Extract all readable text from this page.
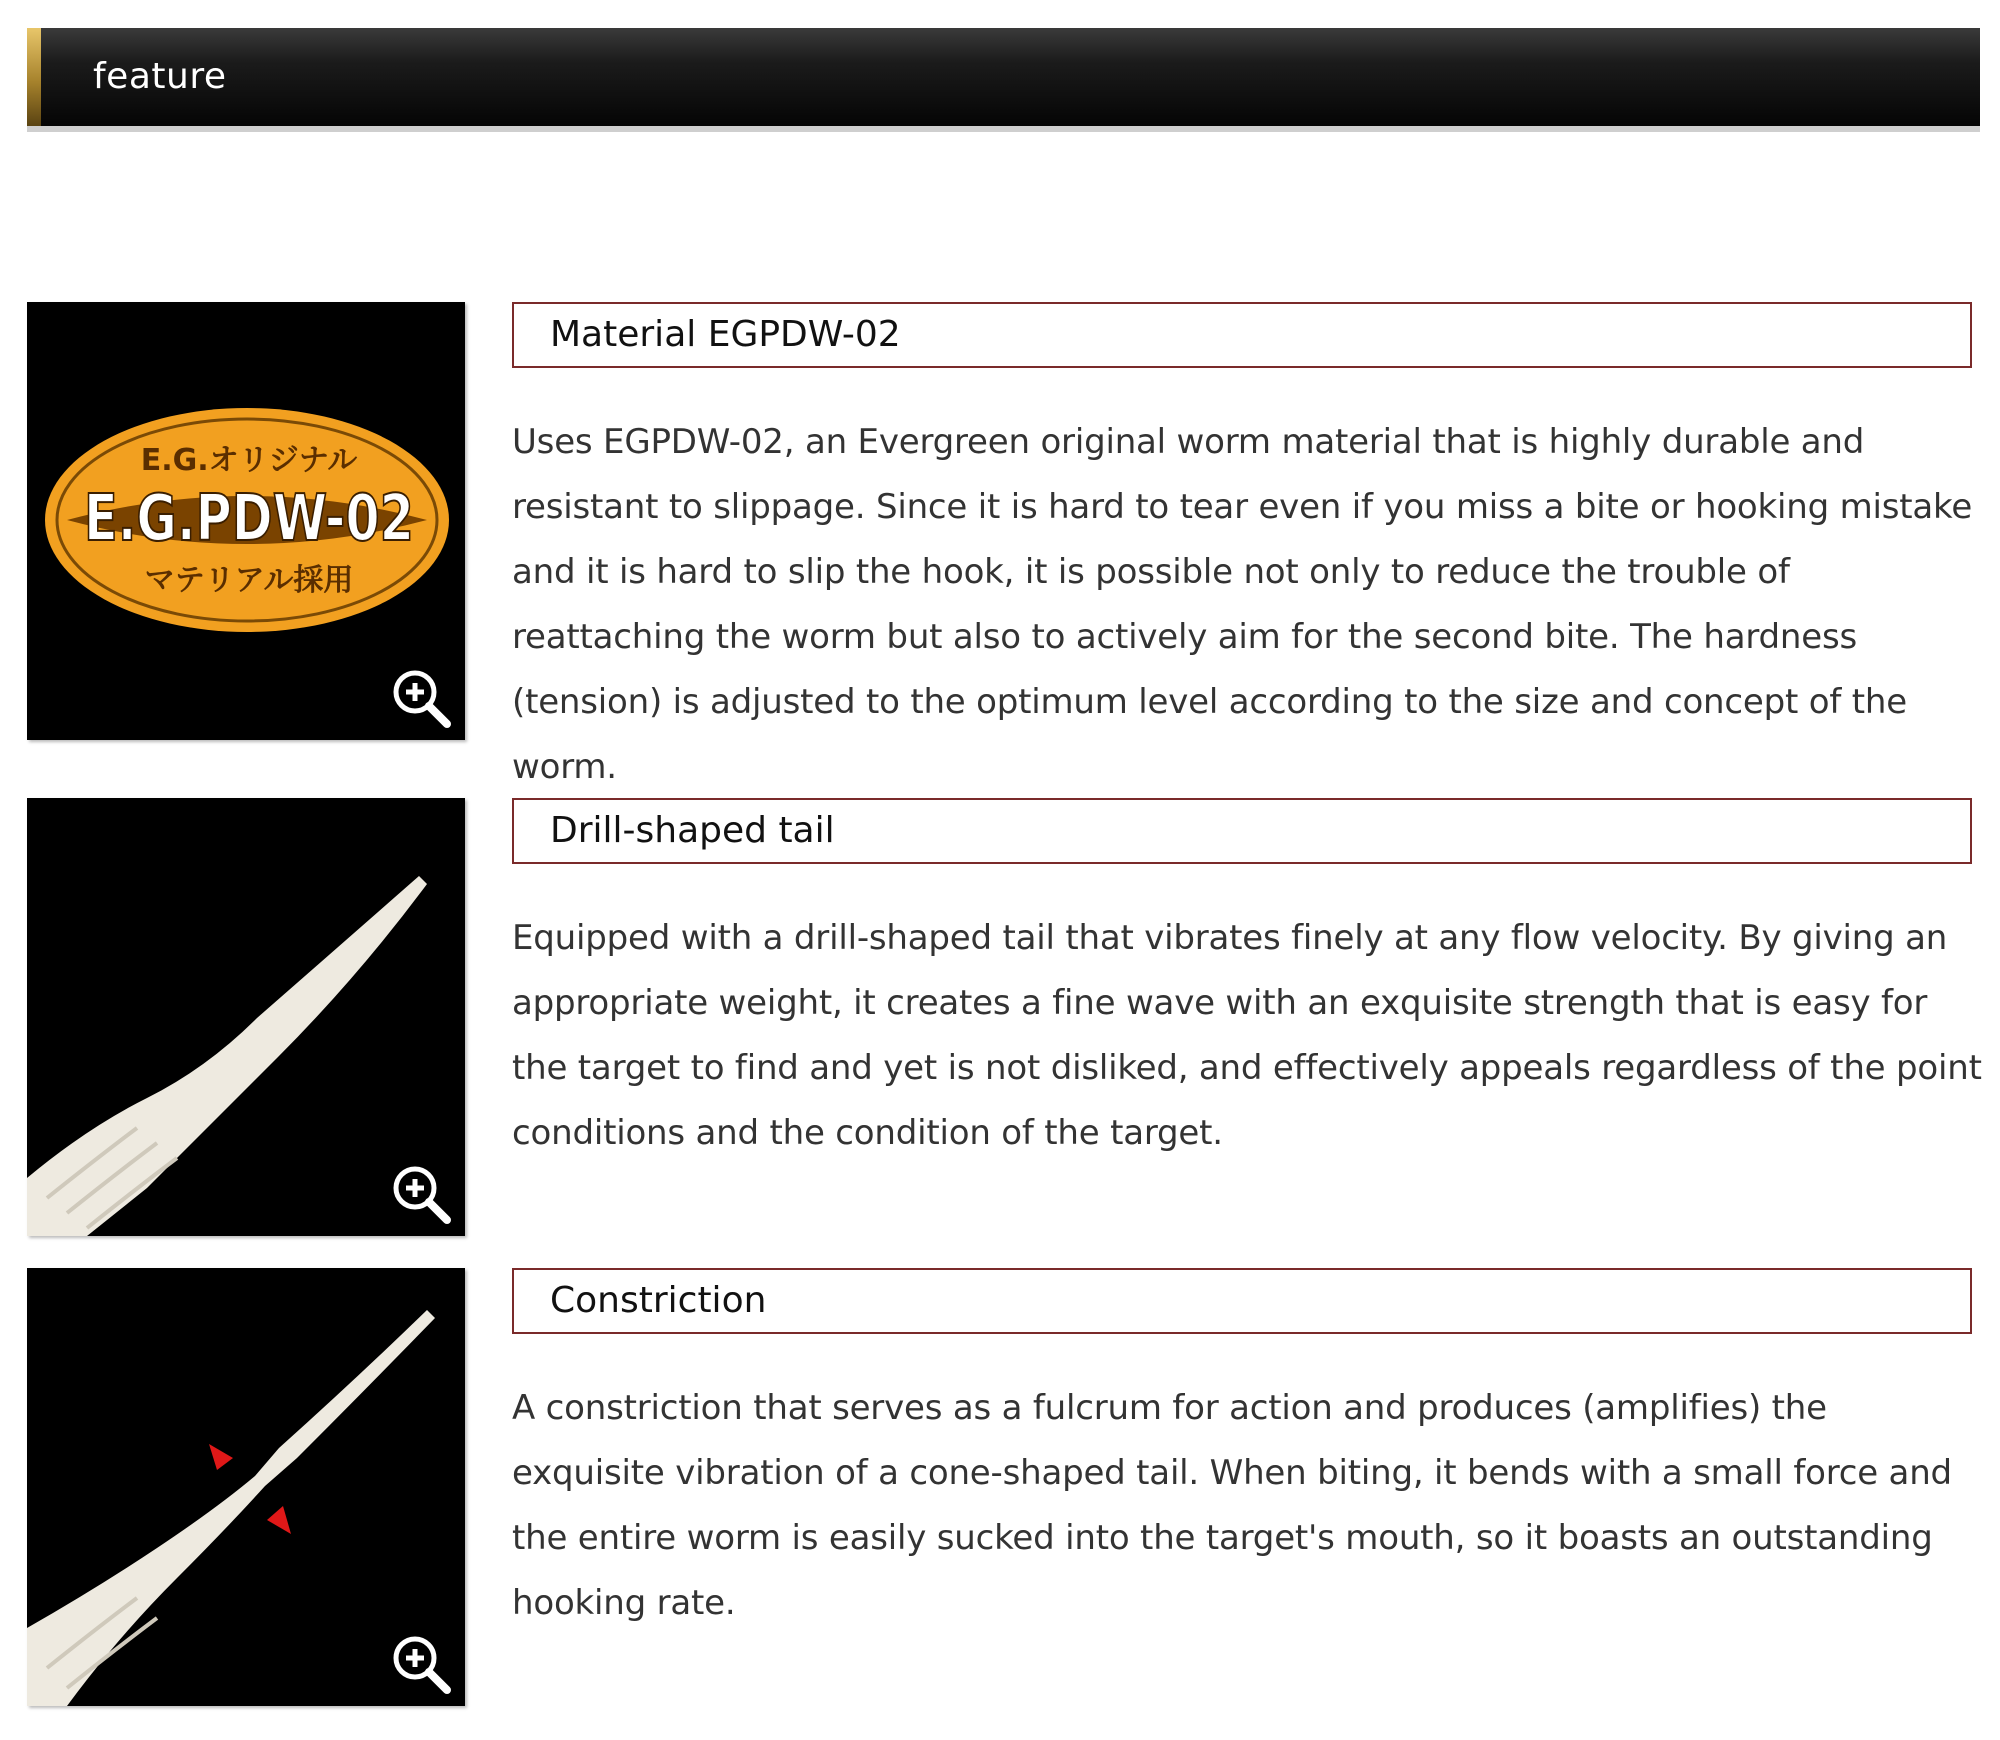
feature
E.G.オリジナル
E.G.PDW-02
マテリアル採用
Material EGPDW-02

Uses EGPDW-02, an Evergreen original worm material that is highly durable and resistant to slippage. Since it is hard to tear even if you miss a bite or hooking mistake and it is hard to slip the hook, it is possible not only to reduce the trouble of reattaching the worm but also to actively aim for the second bite. The hardness (tension) is adjusted to the optimum level according to the size and concept of the worm.

Drill-shaped tail

Equipped with a drill-shaped tail that vibrates finely at any flow velocity. By giving an appropriate weight, it creates a fine wave with an exquisite strength that is easy for the target to find and yet is not disliked, and effectively appeals regardless of the point conditions and the condition of the target.

Constriction

A constriction that serves as a fulcrum for action and produces (amplifies) the exquisite vibration of a cone-shaped tail. When biting, it bends with a small force and the entire worm is easily sucked into the target's mouth, so it boasts an outstanding hooking rate.
